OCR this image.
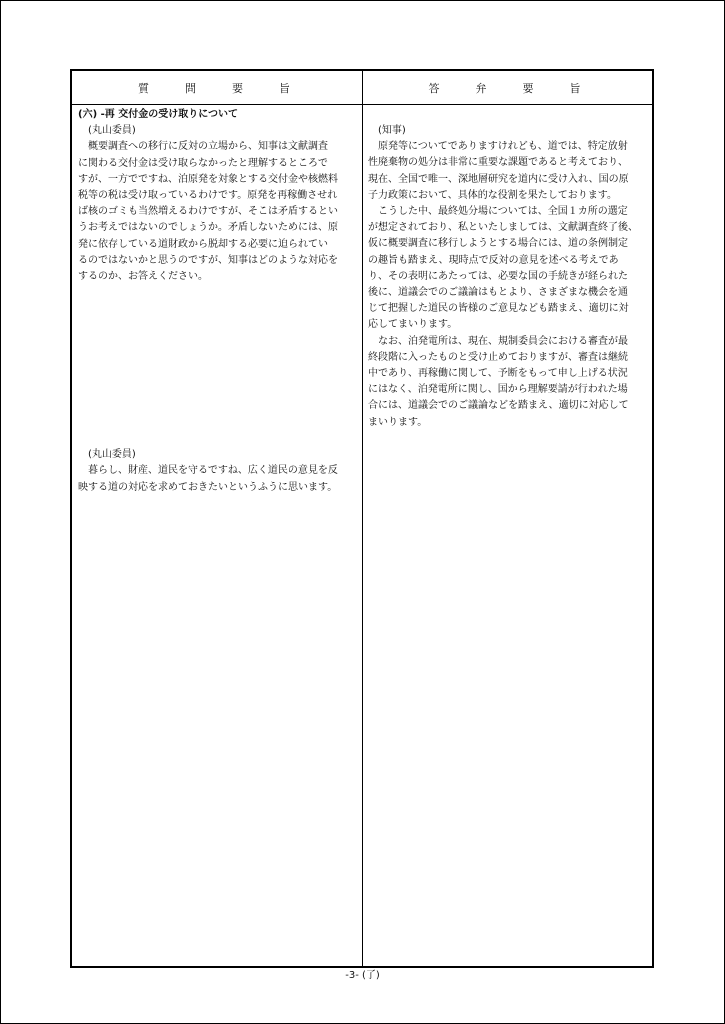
質問要旨	答弁要旨
(六) -再 交付金の受け取りについて
(丸山委員)
　概要調査への移行に反対の立場から、知事は文献調査
に関わる交付金は受け取らなかったと理解するところで
すが、一方でですね、泊原発を対象とする交付金や核燃料
税等の税は受け取っているわけです。原発を再稼働させれ
ば核のゴミも当然増えるわけですが、そこは矛盾するとい
うお考えではないのでしょうか。矛盾しないためには、原
発に依存している道財政から脱却する必要に迫られてい
るのではないかと思うのですが、知事はどのような対応を
するのか、お答えください。
(丸山委員)
　暮らし、財産、道民を守るですね、広く道民の意見を反
映する道の対応を求めておきたいというふうに思います。
(知事)
　原発等についてでありますけれども、道では、特定放射
性廃棄物の処分は非常に重要な課題であると考えており、
現在、全国で唯一、深地層研究を道内に受け入れ、国の原
子力政策において、具体的な役割を果たしております。
　こうした中、最終処分場については、全国１カ所の選定
が想定されており、私といたしましては、文献調査終了後、
仮に概要調査に移行しようとする場合には、道の条例制定
の趣旨も踏まえ、現時点で反対の意見を述べる考えであ
り、その表明にあたっては、必要な国の手続きが経られた
後に、道議会でのご議論はもとより、さまざまな機会を通
じて把握した道民の皆様のご意見なども踏まえ、適切に対
応してまいります。
　なお、泊発電所は、現在、規制委員会における審査が最
終段階に入ったものと受け止めておりますが、審査は継続
中であり、再稼働に関して、予断をもって申し上げる状況
にはなく、泊発電所に関し、国から理解要請が行われた場
合には、道議会でのご議論などを踏まえ、適切に対応して
まいります。
-3- (了)
